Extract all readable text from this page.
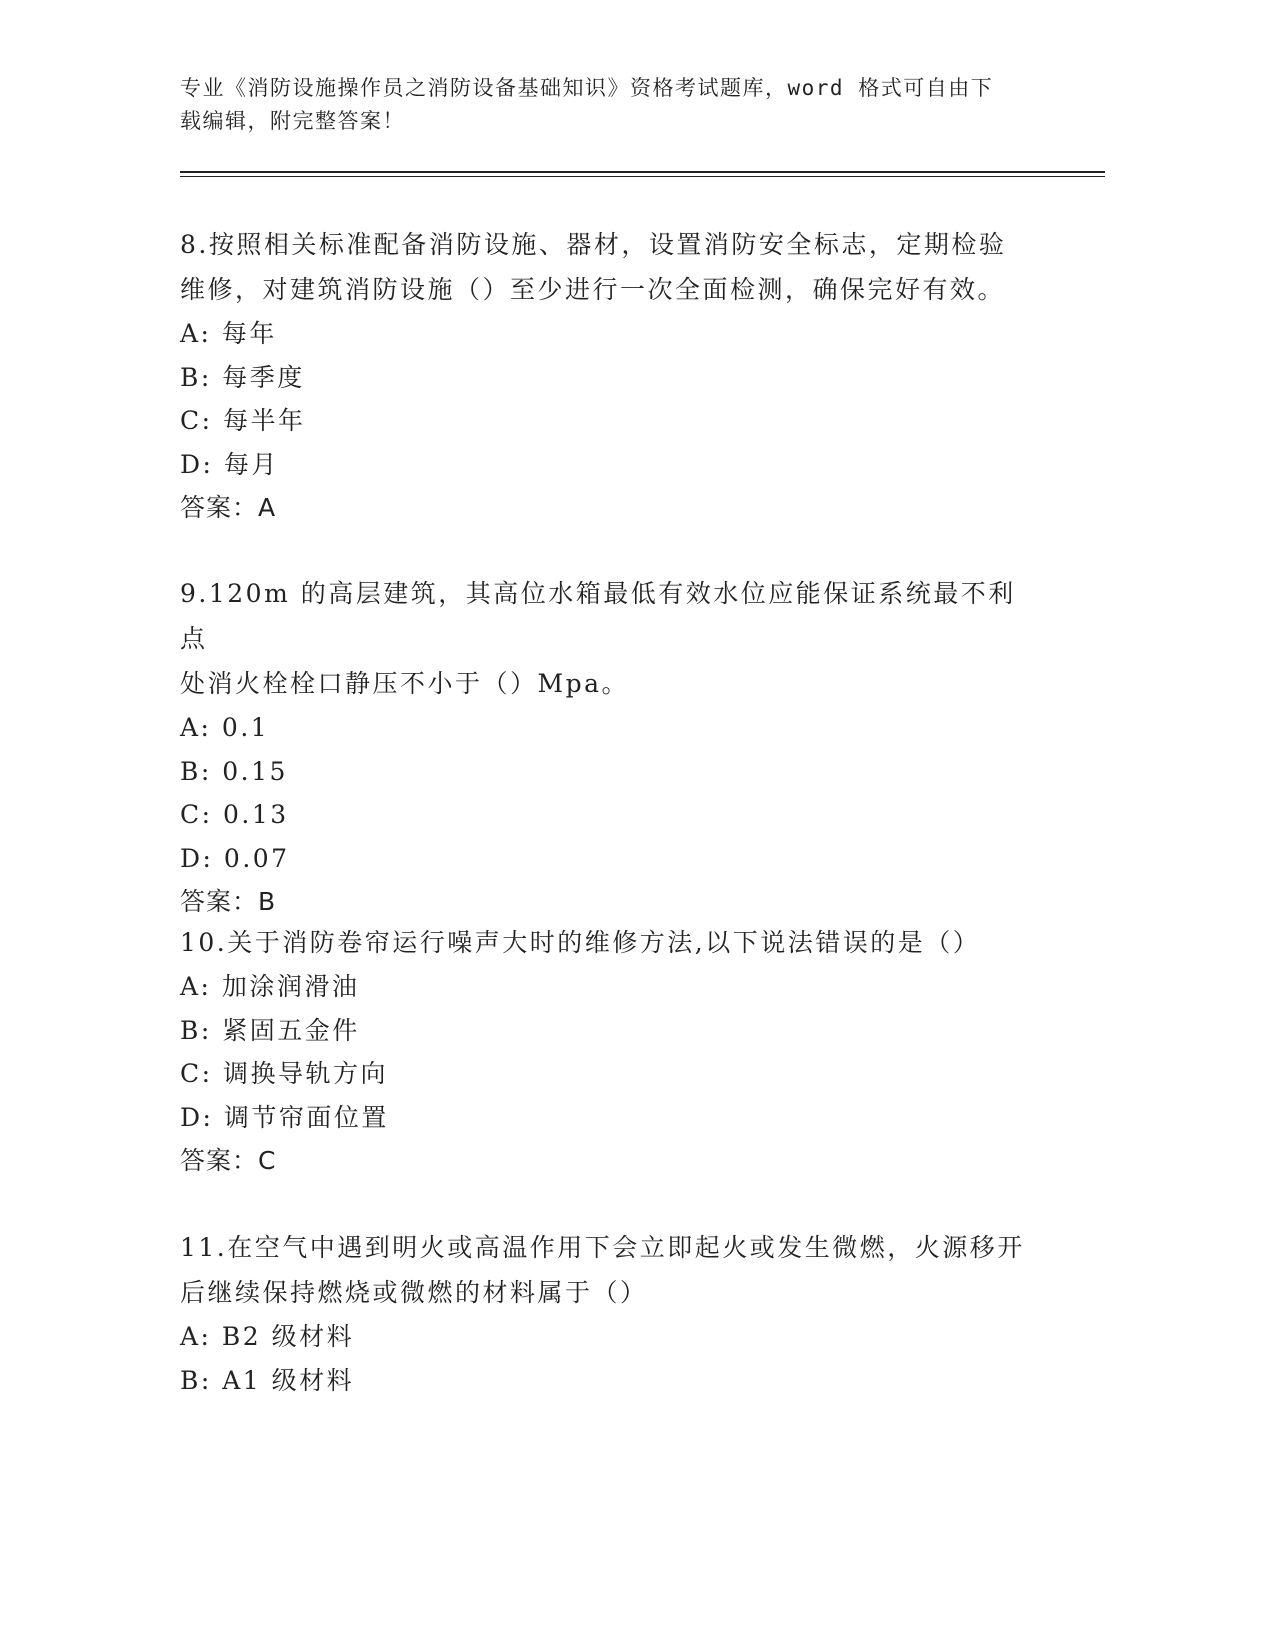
专业《消防设施操作员之消防设备基础知识》资格考试题库，word 格式可自由下
载编辑，附完整答案！
8.按照相关标准配备消防设施、器材，设置消防安全标志，定期检验
维修，对建筑消防设施（）至少进行一次全面检测，确保完好有效。
A: 每年
B: 每季度
C: 每半年
D: 每月
答案：A
9.120m 的高层建筑，其高位水箱最低有效水位应能保证系统最不利点
处消火栓栓口静压不小于（）Mpa。
A: 0.1
B: 0.15
C: 0.13
D: 0.07
答案：B
10.关于消防卷帘运行噪声大时的维修方法,以下说法错误的是（）
A: 加涂润滑油
B: 紧固五金件
C: 调换导轨方向
D: 调节帘面位置
答案：C
11.在空气中遇到明火或高温作用下会立即起火或发生微燃，火源移开
后继续保持燃烧或微燃的材料属于（）
A: B2 级材料
B: A1 级材料
